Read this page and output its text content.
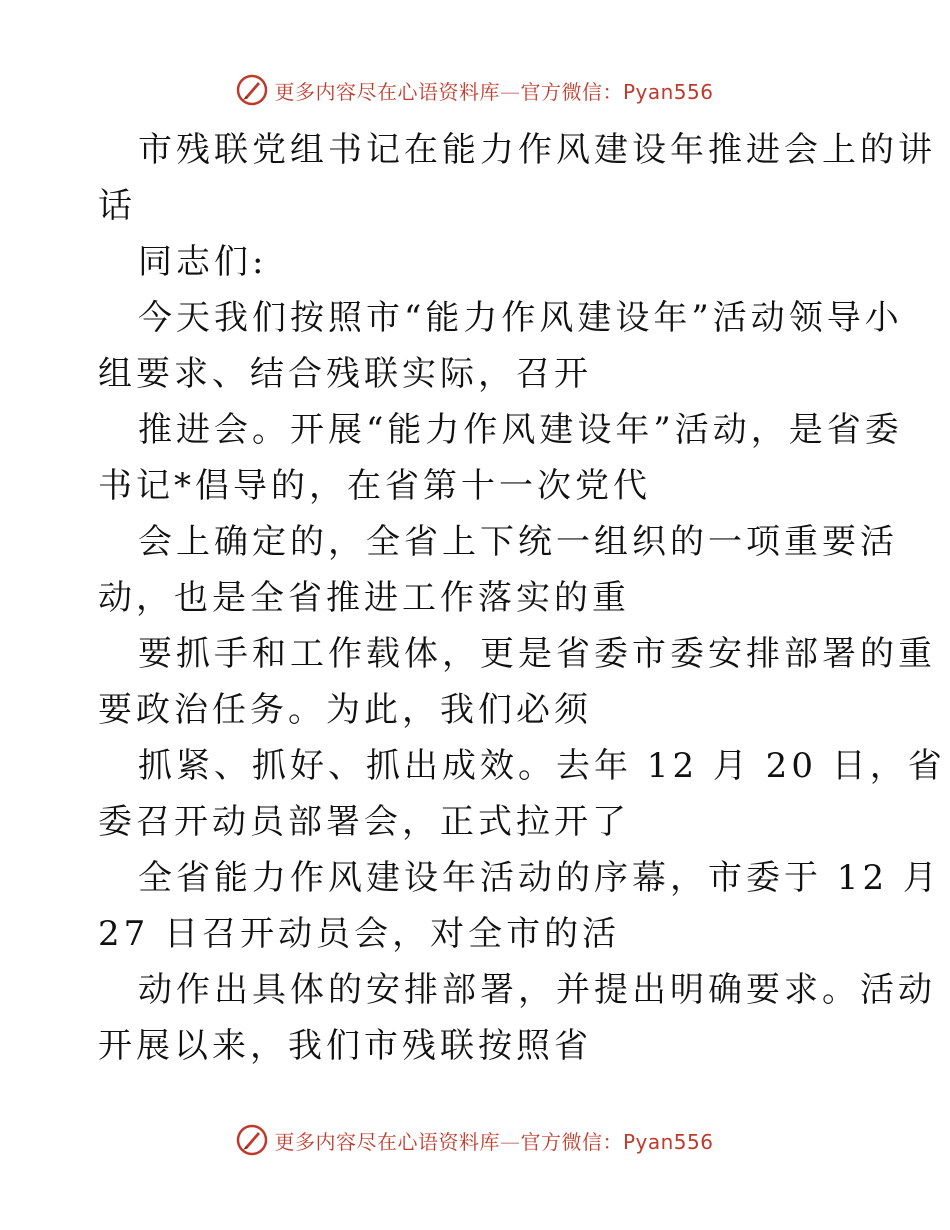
更多内容尽在心语资料库—官方微信：Pyan556
市残联党组书记在能力作风建设年推进会上的讲
话
同志们:
今天我们按照市“能力作风建设年”活动领导小
组要求、结合残联实际，召开
推进会。开展“能力作风建设年”活动，是省委
书记*倡导的，在省第十一次党代
会上确定的，全省上下统一组织的一项重要活
动，也是全省推进工作落实的重
要抓手和工作载体，更是省委市委安排部署的重
要政治任务。为此，我们必须
抓紧、抓好、抓出成效。去年 12 月 20 日，省
委召开动员部署会，正式拉开了
全省能力作风建设年活动的序幕，市委于 12 月
27 日召开动员会，对全市的活
动作出具体的安排部署，并提出明确要求。活动
开展以来，我们市残联按照省
更多内容尽在心语资料库—官方微信：Pyan556
